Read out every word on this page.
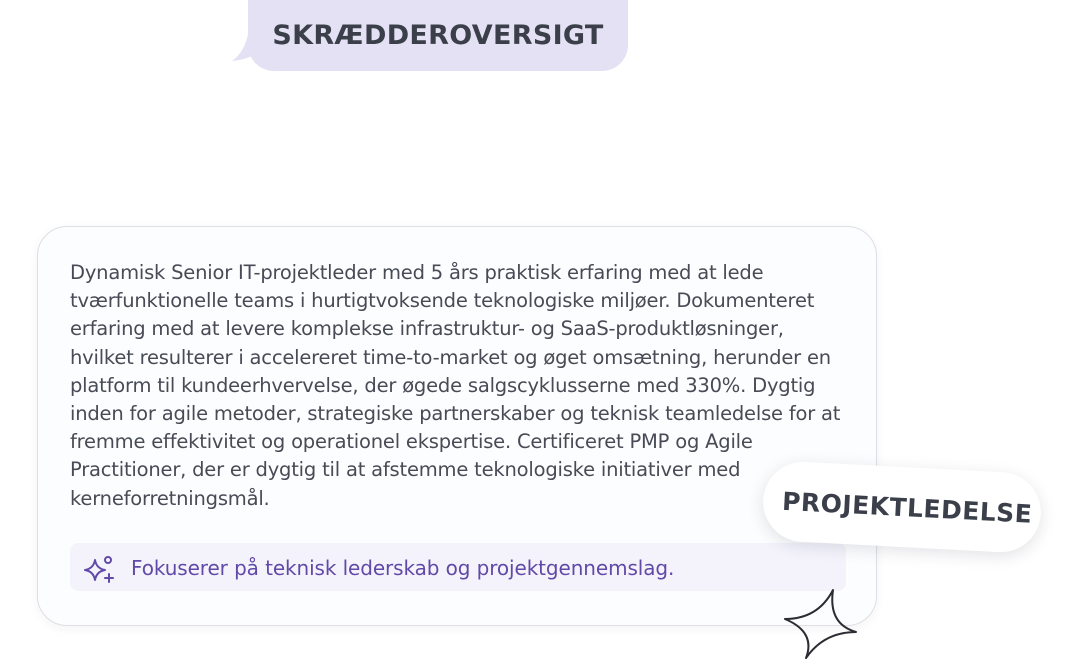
SKRÆDDEROVERSIGT

Dynamisk Senior IT-projektleder med 5 års praktisk erfaring med at lede tværfunktionelle teams i hurtigtvoksende teknologiske miljøer. Dokumenteret erfaring med at levere komplekse infrastruktur- og SaaS-produktløsninger, hvilket resulterer i accelereret time-to-market og øget omsætning, herunder en platform til kundeerhvervelse, der øgede salgscyklusserne med 330%. Dygtig inden for agile metoder, strategiske partnerskaber og teknisk teamledelse for at fremme effektivitet og operationel ekspertise. Certificeret PMP og Agile Practitioner, der er dygtig til at afstemme teknologiske initiativer med kerneforretningsmål.

Fokuserer på teknisk lederskab og projektgennemslag.
PROJEKTLEDELSE
